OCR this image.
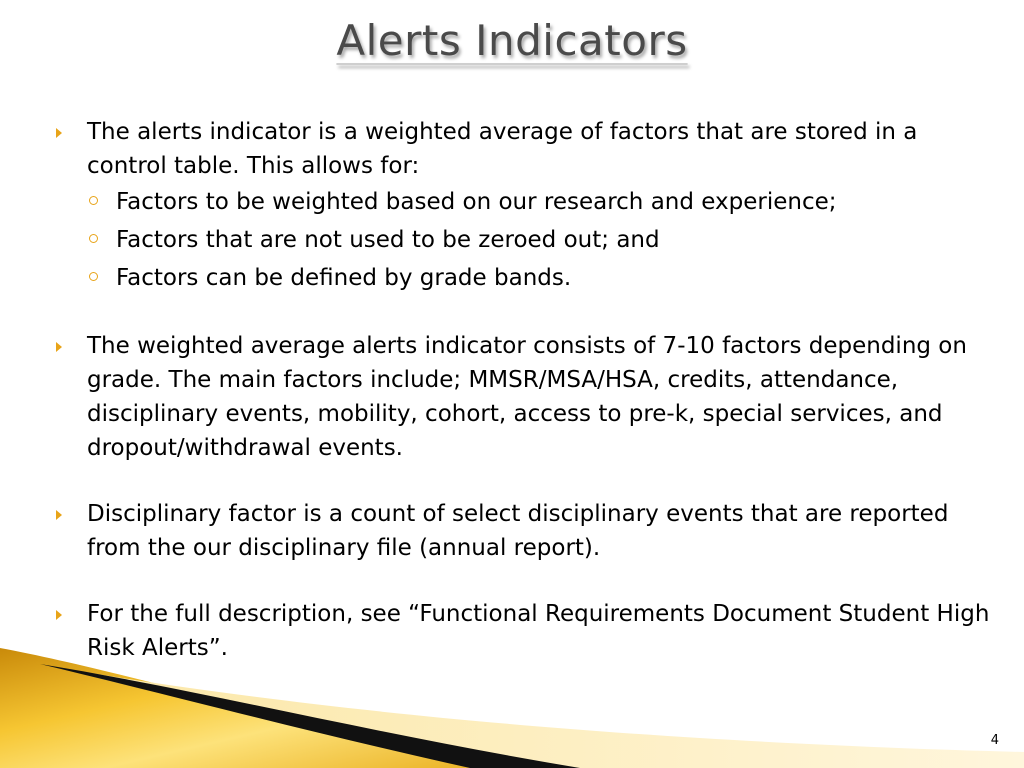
Alerts Indicators
The alerts indicator is a weighted average of factors that are stored in a control table. This allows for:
Factors to be weighted based on our research and experience;
Factors that are not used to be zeroed out; and
Factors can be defined by grade bands.
The weighted average alerts indicator consists of 7-10 factors depending on grade. The main factors include; MMSR/MSA/HSA, credits, attendance, disciplinary events, mobility, cohort, access to pre-k, special services, and dropout/withdrawal events.
Disciplinary factor is a count of select disciplinary events that are reported from the our disciplinary file (annual report).
For the full description, see “Functional Requirements Document Student High Risk Alerts”.
4
